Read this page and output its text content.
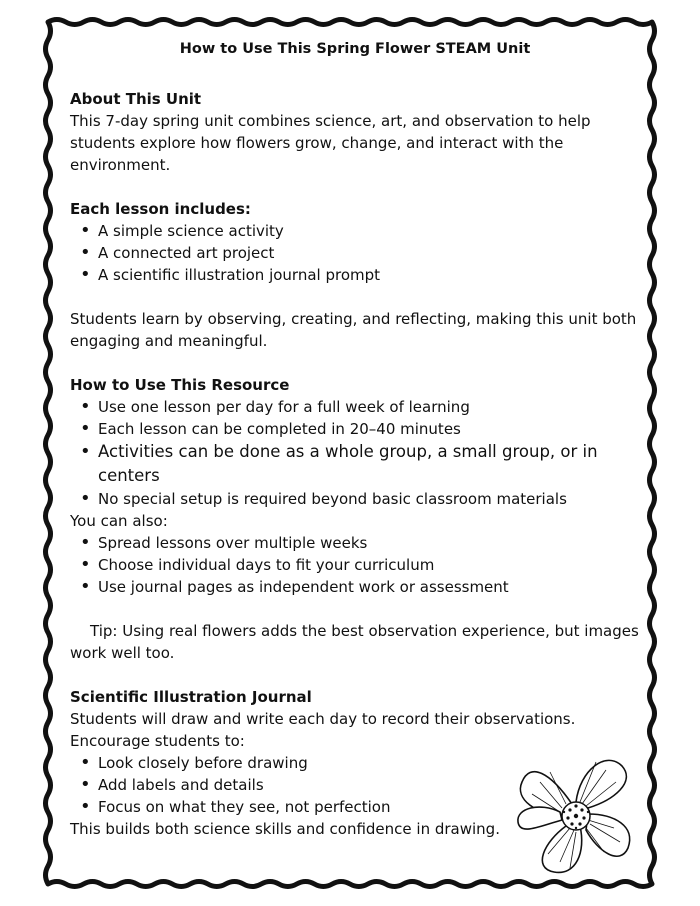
How to Use This Spring Flower STEAM Unit
About This Unit

This 7-day spring unit combines science, art, and observation to help students explore how flowers grow, change, and interact with the environment.

Each lesson includes:
• A simple science activity
• A connected art project
• A scientific illustration journal prompt

Students learn by observing, creating, and reflecting, making this unit both engaging and meaningful.

How to Use This Resource
• Use one lesson per day for a full week of learning
• Each lesson can be completed in 20–40 minutes
• Activities can be done as a whole group, a small group, or in centers
• No special setup is required beyond basic classroom materials

You can also:

• Spread lessons over multiple weeks
• Choose individual days to fit your curriculum
• Use journal pages as independent work or assessment

Tip: Using real flowers adds the best observation experience, but images work well too.

Scientific Illustration Journal

Students will draw and write each day to record their observations.

Encourage students to:

• Look closely before drawing
• Add labels and details
• Focus on what they see, not perfection

This builds both science skills and confidence in drawing.
